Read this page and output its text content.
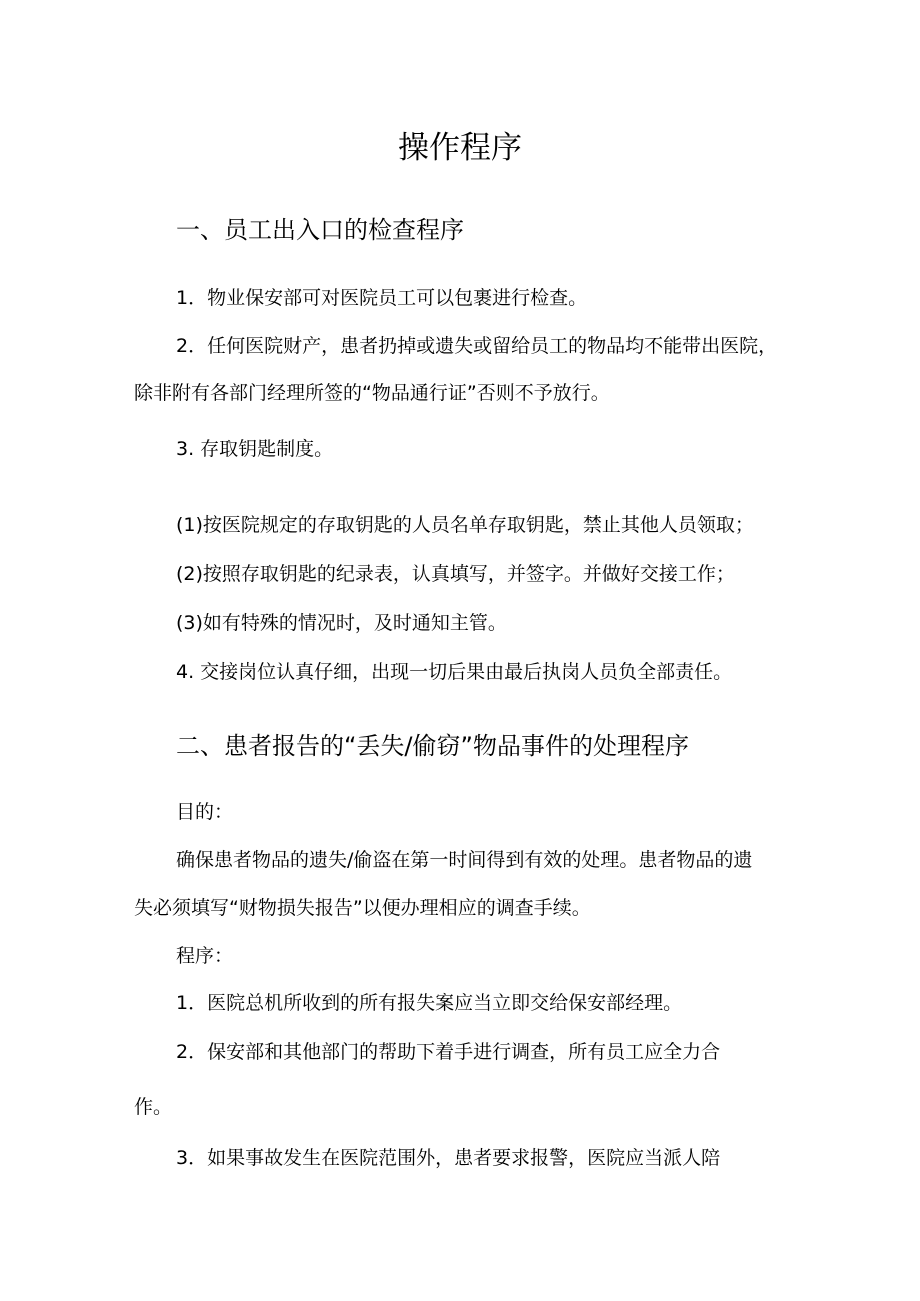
操作程序
一、员工出入口的检查程序
1．物业保安部可对医院员工可以包裹进行检查。
2．任何医院财产，患者扔掉或遗失或留给员工的物品均不能带出医院，
除非附有各部门经理所签的“物品通行证”否则不予放行。
3. 存取钥匙制度。
(1)按医院规定的存取钥匙的人员名单存取钥匙，禁止其他人员领取；
(2)按照存取钥匙的纪录表，认真填写，并签字。并做好交接工作；
(3)如有特殊的情况时，及时通知主管。
4. 交接岗位认真仔细，出现一切后果由最后执岗人员负全部责任。
二、患者报告的“丢失/偷窃”物品事件的处理程序
目的：
确保患者物品的遗失/偷盗在第一时间得到有效的处理。患者物品的遗
失必须填写“财物损失报告”以便办理相应的调查手续。
程序：
1．医院总机所收到的所有报失案应当立即交给保安部经理。
2．保安部和其他部门的帮助下着手进行调查，所有员工应全力合
作。
3．如果事故发生在医院范围外，患者要求报警，医院应当派人陪
